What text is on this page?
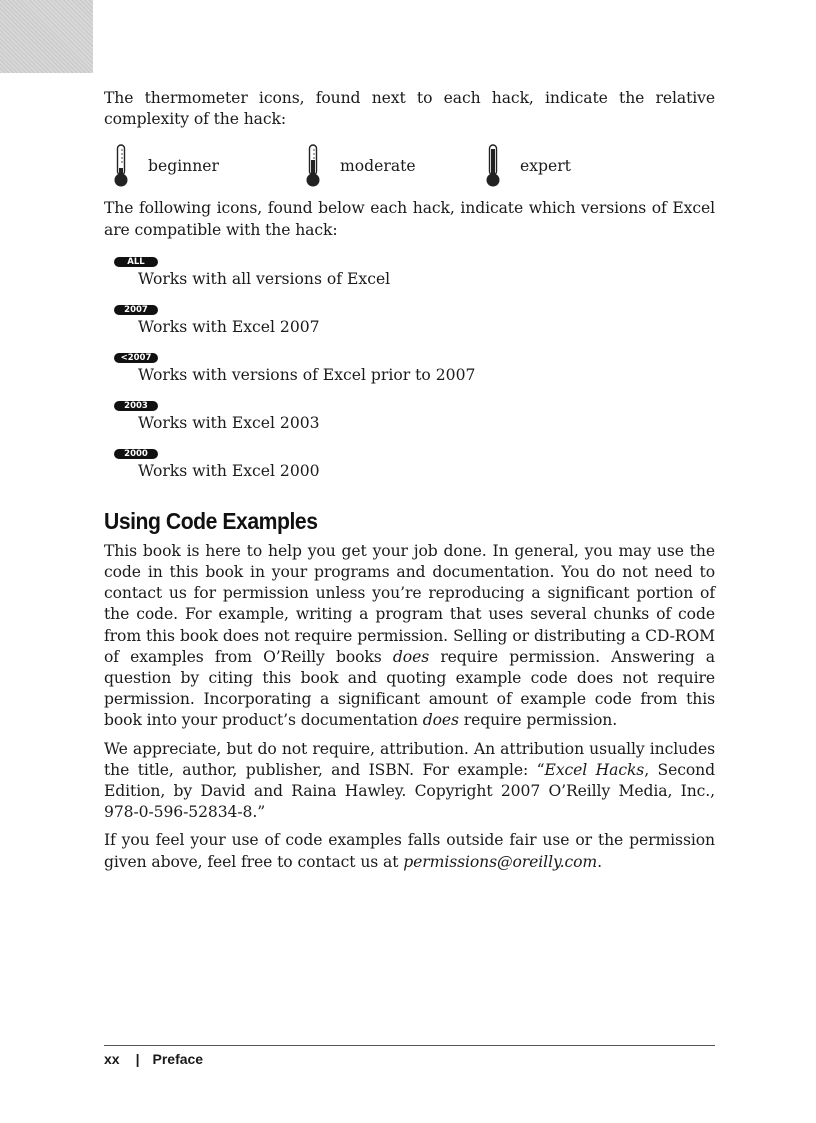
The thermometer icons, found next to each hack, indicate the relative complexity of the hack:

beginner	moderate	expert

The following icons, found below each hack, indicate which versions of Excel are compatible with the hack:

ALL
Works with all versions of Excel
2007
Works with Excel 2007
<2007
Works with versions of Excel prior to 2007
2003
Works with Excel 2003
2000
Works with Excel 2000
Using Code Examples

This book is here to help you get your job done. In general, you may use the code in this book in your programs and documentation. You do not need to contact us for permission unless you’re reproducing a significant portion of the code. For example, writing a program that uses several chunks of code from this book does not require permission. Selling or distributing a CD-ROM of examples from O’Reilly books does require permission. Answering a question by citing this book and quoting example code does not require permission. Incorporating a significant amount of example code from this book into your product’s documentation does require permission.

We appreciate, but do not require, attribution. An attribution usually includes the title, author, publisher, and ISBN. For example: “Excel Hacks, Second Edition, by David and Raina Hawley. Copyright 2007 O’Reilly Media, Inc., 978-0-596-52834-8.”

If you feel your use of code examples falls outside fair use or the permission given above, feel free to contact us at permissions@oreilly.com.

xx | Preface
